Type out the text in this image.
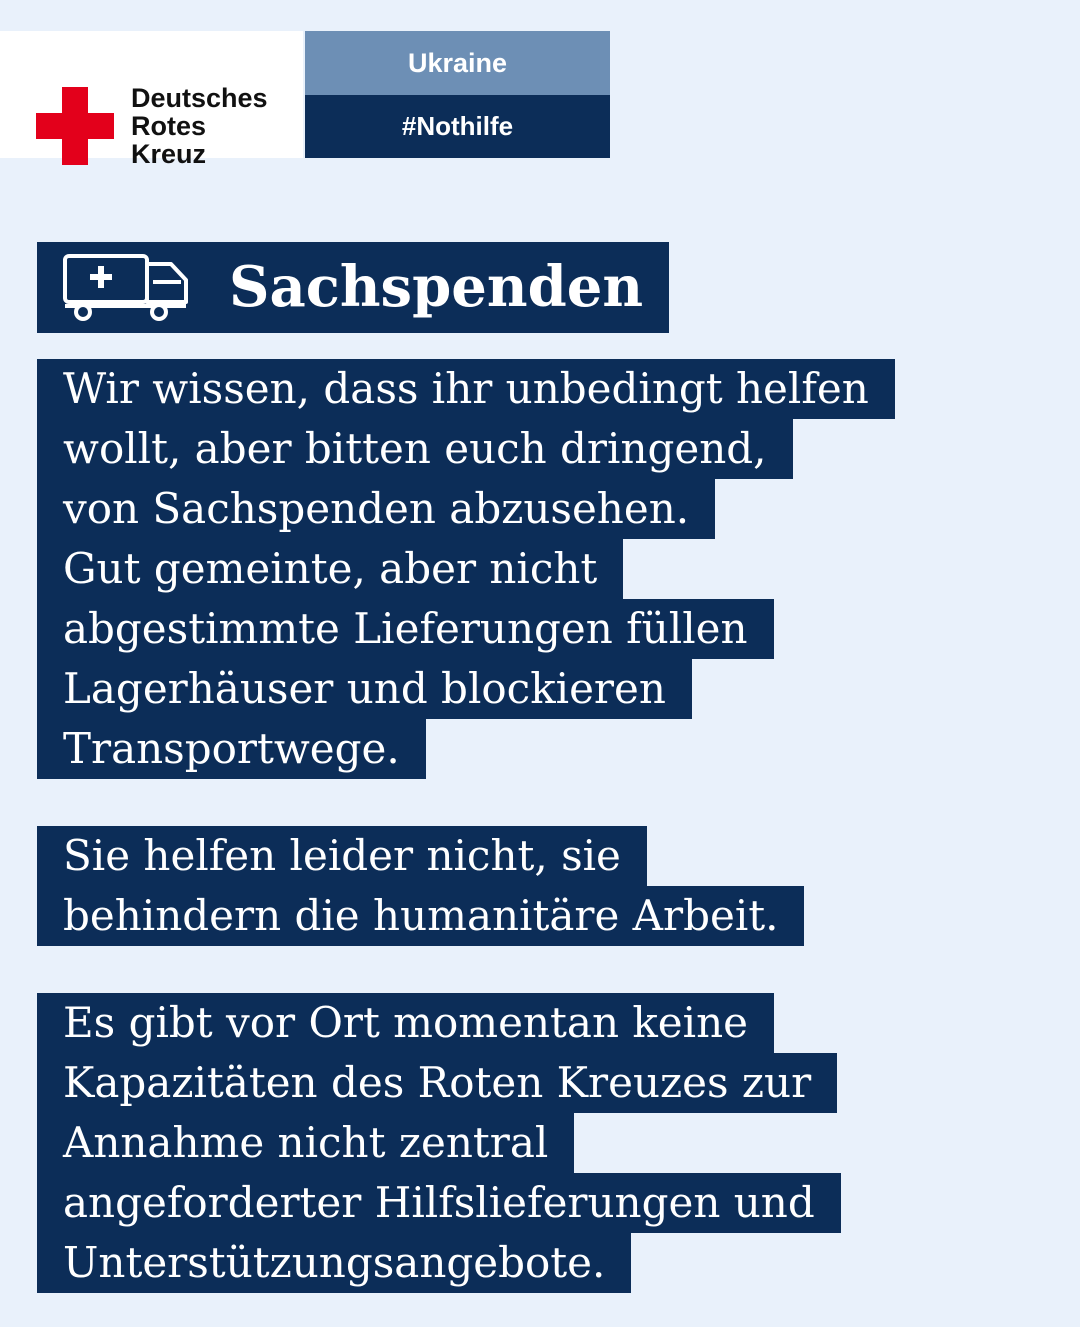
Deutsches
Rotes
Kreuz
Ukraine
#Nothilfe
Sachspenden
Wir wissen, dass ihr unbedingt helfen
wollt, aber bitten euch dringend,
von Sachspenden abzusehen.
Gut gemeinte, aber nicht
abgestimmte Lieferungen füllen
Lagerhäuser und blockieren
Transportwege.
Sie helfen leider nicht, sie
behindern die humanitäre Arbeit.
Es gibt vor Ort momentan keine
Kapazitäten des Roten Kreuzes zur
Annahme nicht zentral
angeforderter Hilfslieferungen und
Unterstützungsangebote.
